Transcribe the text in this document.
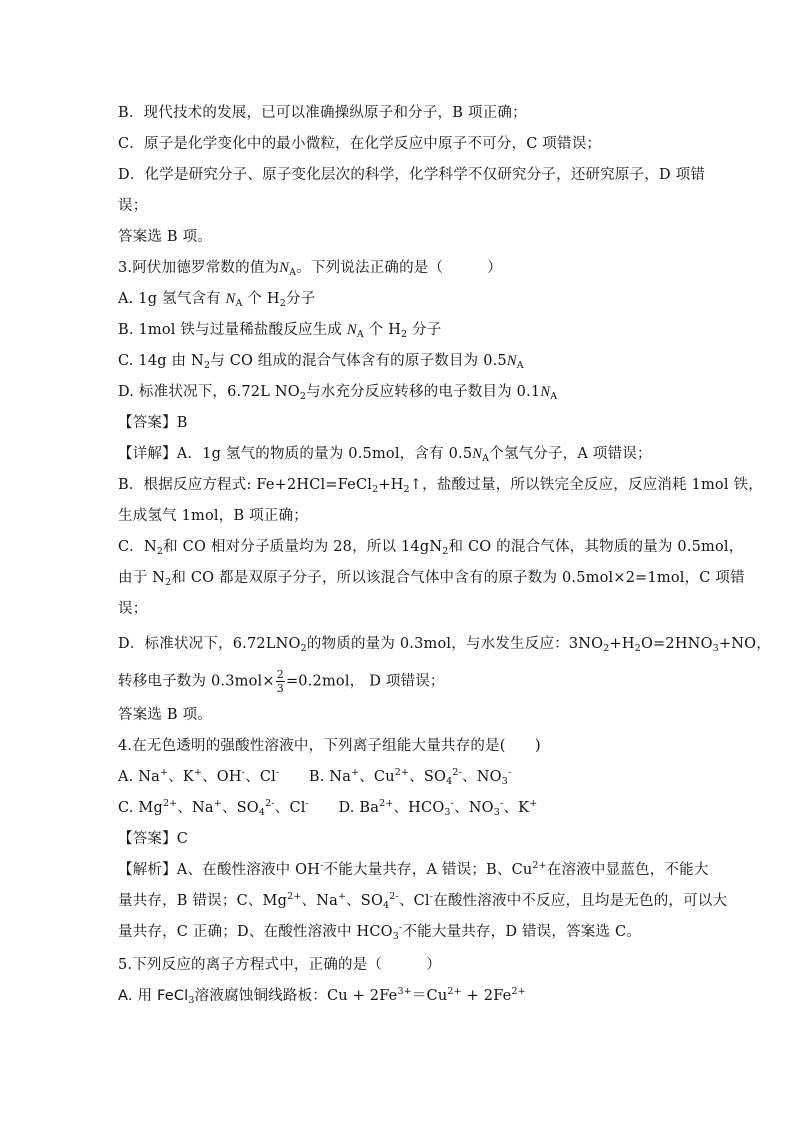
B．现代技术的发展，已可以准确操纵原子和分子，B 项正确；
C．原子是化学变化中的最小微粒，在化学反应中原子不可分，C 项错误；
D．化学是研究分子、原子变化层次的科学，化学科学不仅研究分子，还研究原子，D 项错
误；
答案选 B 项。
3.阿伏加德罗常数的值为$N_A$。下列说法正确的是（　　　）
A. 1g 氢气含有 $N_A$ 个 $H_2$分子
B. 1mol 铁与过量稀盐酸反应生成 $N_A$ 个 $H_2$ 分子
C. 14g 由 $N_2$与 CO 组成的混合气体含有的原子数目为 $0.5N_A$
D. 标准状况下，6.72L $NO_2$与水充分反应转移的电子数目为 $0.1N_A$
【答案】B
【详解】A．1g 氢气的物质的量为 0.5mol，含有 $0.5N_A$个氢气分子，A 项错误；
B．根据反应方程式: $Fe+2HCl=FeCl_2+H_2↑$，盐酸过量，所以铁完全反应，反应消耗 1mol 铁，
生成氢气 1mol，B 项正确；
C．$N_2$和 CO 相对分子质量均为 28，所以 $14gN_2$和 CO 的混合气体，其物质的量为 0.5mol，
由于 $N_2$和 CO 都是双原子分子，所以该混合气体中含有的原子数为 0.5mol×2=1mol，C 项错
误；
D．标准状况下，$6.72LNO_2$的物质的量为 0.3mol，与水发生反应：$3NO_2+H_2O=2HNO_3+NO$，
转移电子数为 $0.3mol\times \frac{2}{3} =0.2mol$， D 项错误；
答案选 B 项。
4.在无色透明的强酸性溶液中，下列离子组能大量共存的是(　　)
A. Na+、K+、OH-、Cl-　　B. Na+、$Cu^{2+}$、$SO_4^{2-}$、$NO_3^-$
C. $Mg^{2+}$、Na+、$SO_4^{2-}$、Cl-　　D. $Ba^{2+}$、$HCO_3^-$、$NO_3^-$、K+
【答案】C
【解析】A、在酸性溶液中 OH-不能大量共存，A 错误；B、$Cu^{2+}$在溶液中显蓝色，不能大
量共存，B 错误；C、$Mg^{2+}$、Na+、$SO_4^{2-}$、Cl-在酸性溶液中不反应，且均是无色的，可以大
量共存，C 正确；D、在酸性溶液中 $HCO_3^-$不能大量共存，D 错误，答案选 C。
5.下列反应的离子方程式中，正确的是（　　　）
A. 用 FeCl$_3$溶液腐蚀铜线路板：$Cu + 2Fe^{3+}=Cu^{2+} + 2Fe^{2+}$
